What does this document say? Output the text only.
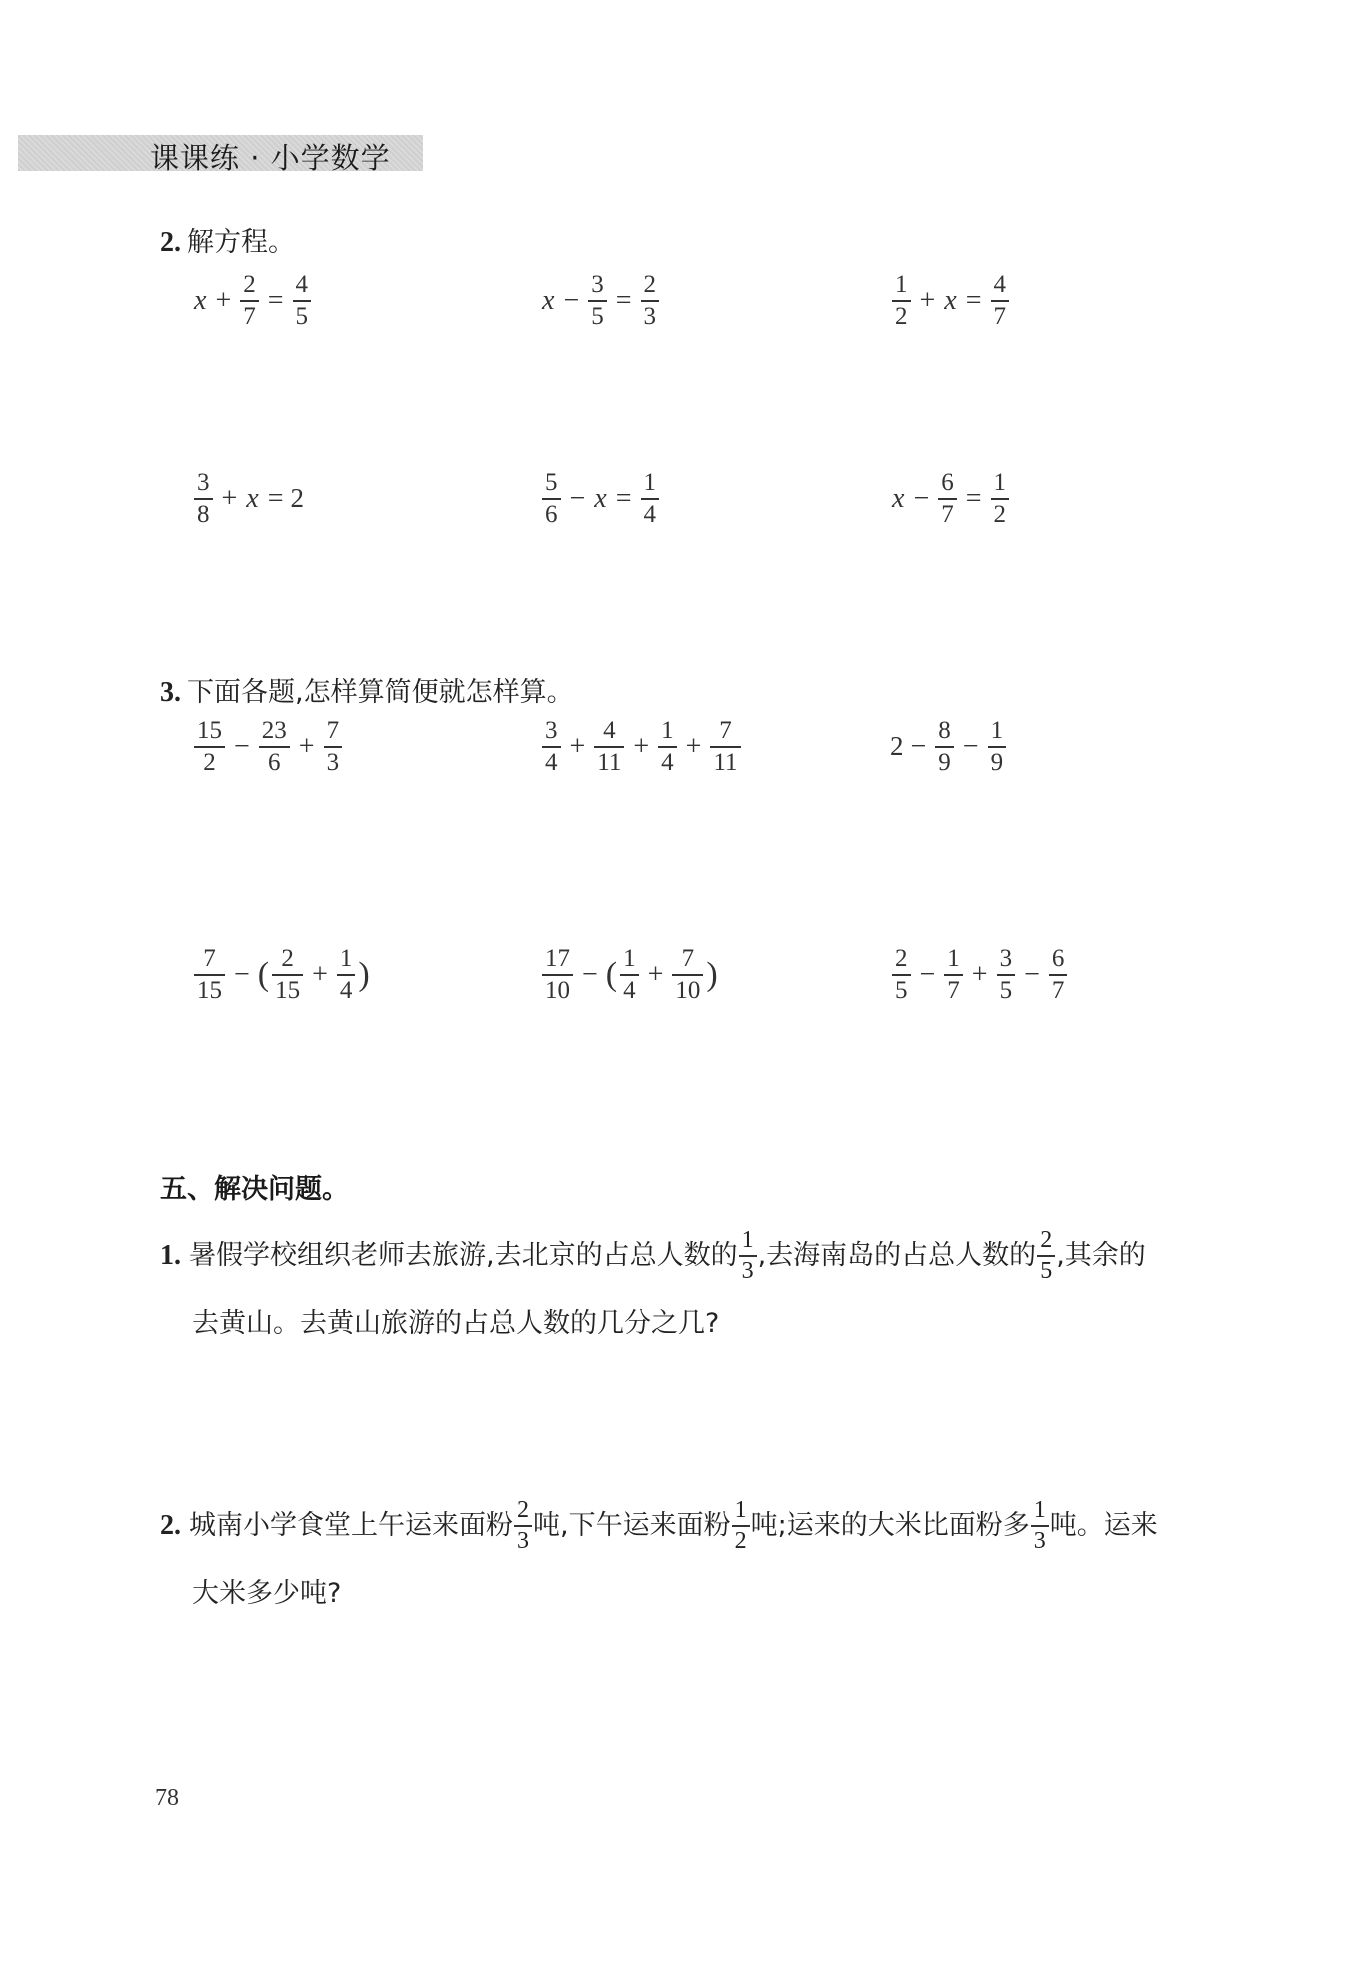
课课练 · 小学数学
2. 解方程。
$x + \frac{2}{7} = \frac{4}{5}$	$x - \frac{3}{5} = \frac{2}{3}$	$\frac{1}{2} + x = \frac{4}{7}$
$\frac{3}{8} + x = 2$	$\frac{5}{6} - x = \frac{1}{4}$	$x - \frac{6}{7} = \frac{1}{2}$
3. 下面各题,怎样算简便就怎样算。
$\frac{15}{2} - \frac{23}{6} + \frac{7}{3}$	$\frac{3}{4} + \frac{4}{11} + \frac{1}{4} + \frac{7}{11}$	$2 - \frac{8}{9} - \frac{1}{9}$
$\frac{7}{15}$ − ( $\frac{2}{15} + \frac{1}{4}$ )	$\frac{17}{10}$ − ( $\frac{1}{4} + \frac{7}{10}$ )	$\frac{2}{5} - \frac{1}{7} + \frac{3}{5} - \frac{6}{7}$
五、解决问题。
1. 暑假学校组织老师去旅游,去北京的占总人数的 $\frac{1}{3}$ ,去海南岛的占总人数的 $\frac{2}{5}$ ,其余的
去黄山。去黄山旅游的占总人数的几分之几?
2. 城南小学食堂上午运来面粉 $\frac{2}{3}$ 吨,下午运来面粉 $\frac{1}{2}$ 吨;运来的大米比面粉多 $\frac{1}{3}$ 吨。运来
大米多少吨?
78
